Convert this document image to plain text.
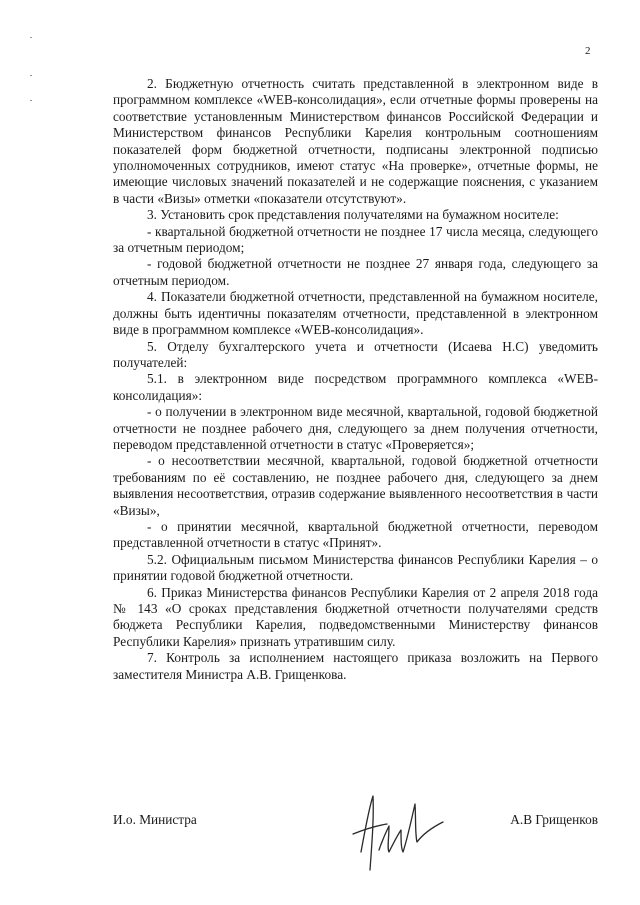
2

2. Бюджетную отчетность считать представленной в электронном виде в программном комплексе «WEB-консолидация», если отчетные формы проверены на соответствие установленным Министерством финансов Российской Федерации и Министерством финансов Республики Карелия контрольным соотношениям показателей форм бюджетной отчетности, подписаны электронной подписью уполномоченных сотрудников, имеют статус «На проверке», отчетные формы, не имеющие числовых значений показателей и не содержащие пояснения, с указанием в части «Визы» отметки «показатели отсутствуют».

3. Установить срок представления получателями на бумажном носителе:

- квартальной бюджетной отчетности не позднее 17 числа месяца, следующего за отчетным периодом;

- годовой бюджетной отчетности не позднее 27 января года, следующего за отчетным периодом.

4. Показатели бюджетной отчетности, представленной на бумажном носителе, должны быть идентичны показателям отчетности, представленной в электронном виде в программном комплексе «WEB-консолидация».

5. Отделу бухгалтерского учета и отчетности (Исаева Н.С) уведомить получателей:

5.1. в электронном виде посредством программного комплекса «WEB-консолидация»:

- о получении в электронном виде месячной, квартальной, годовой бюджетной отчетности не позднее рабочего дня, следующего за днем получения отчетности, переводом представленной отчетности в статус «Проверяется»;

- о несоответствии месячной, квартальной, годовой бюджетной отчетности требованиям по её составлению, не позднее рабочего дня, следующего за днем выявления несоответствия, отразив содержание выявленного несоответствия в части «Визы»,

- о принятии месячной, квартальной бюджетной отчетности, переводом представленной отчетности в статус «Принят».

5.2. Официальным письмом Министерства финансов Республики Карелия – о принятии годовой бюджетной отчетности.

6. Приказ Министерства финансов Республики Карелия от 2 апреля 2018 года № 143 «О сроках представления бюджетной отчетности получателями средств бюджета Республики Карелия, подведомственными Министерству финансов Республики Карелия» признать утратившим силу.

7. Контроль за исполнением настоящего приказа возложить на Первого заместителя Министра А.В. Грищенкова.

И.о. Министра	А.В Грищенков
